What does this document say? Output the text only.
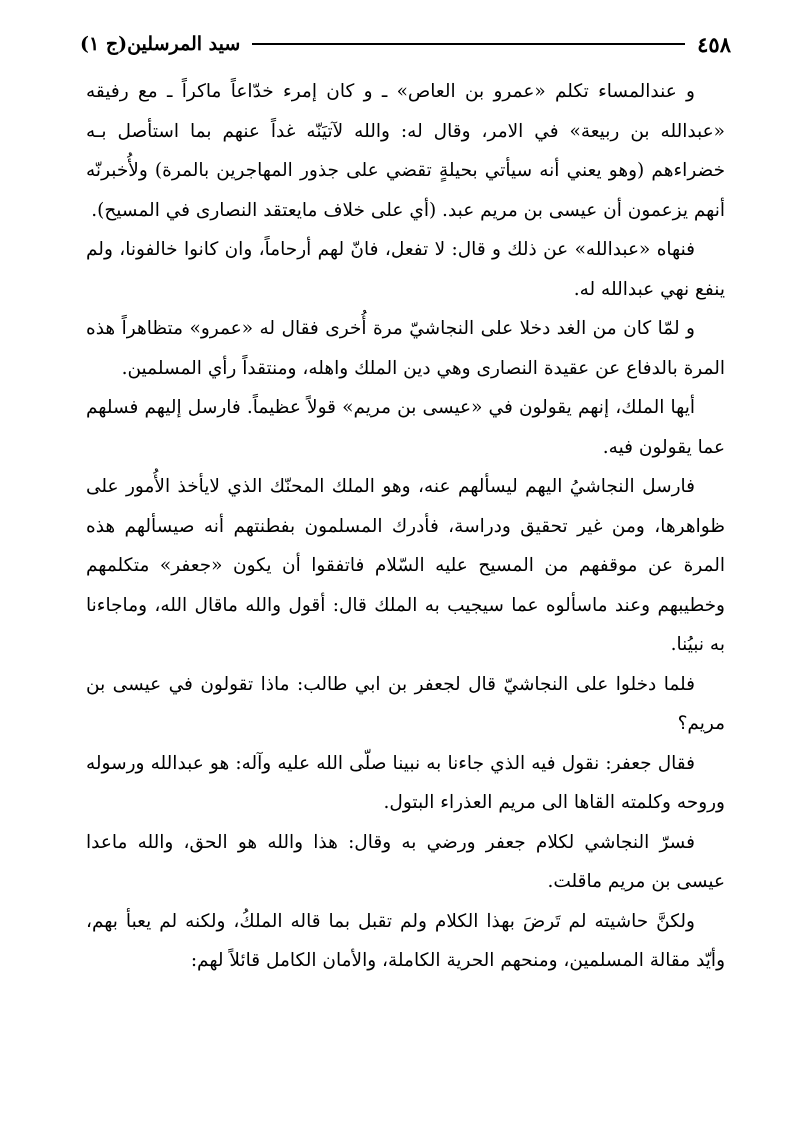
٤٥٨
سيد المرسلين(ج ١)

و عندالمساء تكلم «عمرو بن العاص» ـ و كان إمرء خدّاعاً ماكراً ـ مع رفيقه «عبدالله بن ربيعة» في الامر، وقال له: والله لآتيَنّه غداً عنهم بما استأصل بـه خضراءهم (وهو يعني أنه سيأتي بحيلةٍ تقضي على جذور المهاجرين بالمرة) ولأُخبرنّه أنهم يزعمون أن عيسى بن مريم عبد. (أي على خلاف مايعتقد النصارى في المسيح).

فنهاه «عبدالله» عن ذلك و قال: لا تفعل، فانّ لهم أرحاماً، وان كانوا خالفونا، ولم ينفع نهي عبدالله له.

و لمّا كان من الغد دخلا على النجاشيّ مرة أُخرى فقال له «عمرو» متظاهراً هذه المرة بالدفاع عن عقيدة النصارى وهي دين الملك واهله، ومنتقداً رأي المسلمين.

أيها الملك، إنهم يقولون في «عيسى بن مريم» قولاً عظيماً. فارسل إليهم فسلهم عما يقولون فيه.

فارسل النجاشيُ اليهم ليسألهم عنه، وهو الملك المحنّك الذي لايأخذ الأُمور على ظواهرها، ومن غير تحقيق ودراسة، فأدرك المسلمون بفطنتهم أنه صيسألهم هذه المرة عن موقفهم من المسيح عليه السّلام فاتفقوا أن يكون «جعفر» متكلمهم وخطيبهم وعند ماسألوه عما سيجيب به الملك قال: أقول والله ماقال الله، وماجاءنا به نبيُنا.

فلما دخلوا على النجاشيّ قال لجعفر بن ابي طالب: ماذا تقولون في عيسى بن مريم؟

فقال جعفر: نقول فيه الذي جاءنا به نبينا صلّى الله عليه وآله: هو عبدالله ورسوله وروحه وكلمته القاها الى مريم العذراء البتول.

فسرّ النجاشي لكلام جعفر ورضي به وقال: هذا والله هو الحق، والله ماعدا عيسى بن مريم ماقلت.

ولكنَّ حاشيته لم تَرضَ بهذا الكلام ولم تقبل بما قاله الملكُ، ولكنه لم يعبأ بهم، وأيّد مقالة المسلمين، ومنحهم الحرية الكاملة، والأمان الكامل قائلاً لهم:
